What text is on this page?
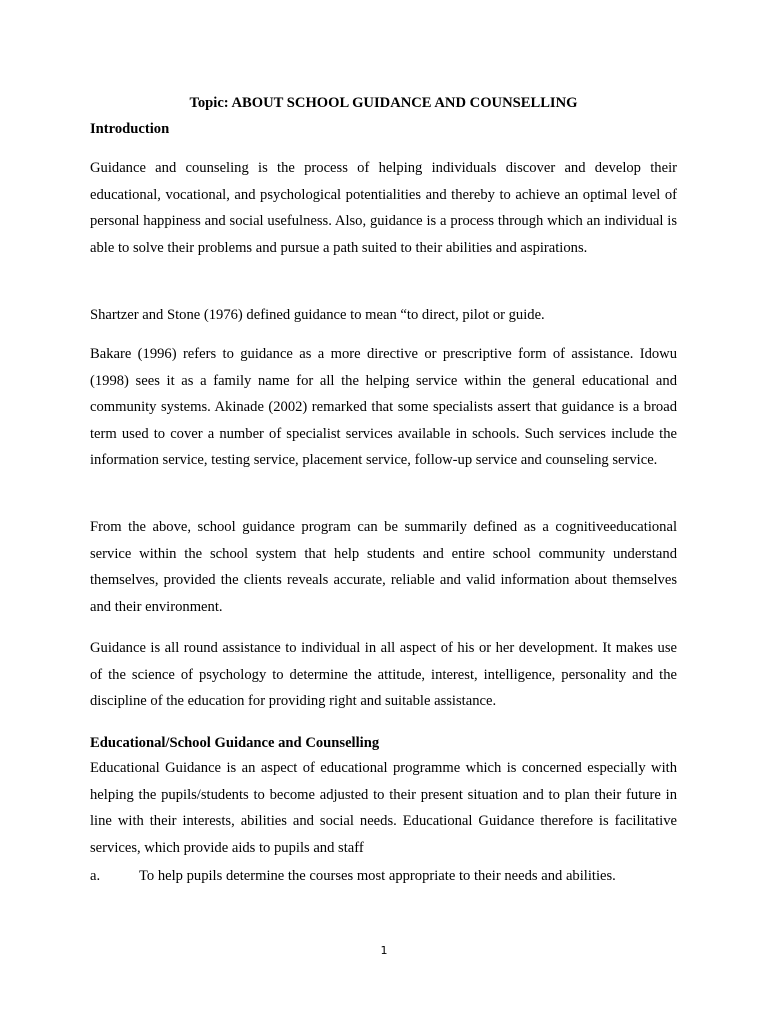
Topic: ABOUT SCHOOL GUIDANCE AND COUNSELLING

Introduction

Guidance and counseling is the process of helping individuals discover and develop their educational, vocational, and psychological potentialities and thereby to achieve an optimal level of personal happiness and social usefulness. Also, guidance is a process through which an individual is able to solve their problems and pursue a path suited to their abilities and aspirations.

Shartzer and Stone (1976) defined guidance to mean “to direct, pilot or guide.

Bakare (1996) refers to guidance as a more directive or prescriptive form of assistance. Idowu (1998) sees it as a family name for all the helping service within the general educational and community systems. Akinade (2002) remarked that some specialists assert that guidance is a broad term used to cover a number of specialist services available in schools. Such services include the information service, testing service, placement service, follow-up service and counseling service.

From the above, school guidance program can be summarily defined as a cognitiveeducational service within the school system that help students and entire school community understand themselves, provided the clients reveals accurate, reliable and valid information about themselves and their environment.

Guidance is all round assistance to individual in all aspect of his or her development. It makes use of the science of psychology to determine the attitude, interest, intelligence, personality and the discipline of the education for providing right and suitable assistance.

Educational/School Guidance and Counselling

Educational Guidance is an aspect of educational programme which is concerned especially with helping the pupils/students to become adjusted to their present situation and to plan their future in line with their interests, abilities and social needs. Educational Guidance therefore is facilitative services, which provide aids to pupils and staff

a.	To help pupils determine the courses most appropriate to their needs and abilities.

1
